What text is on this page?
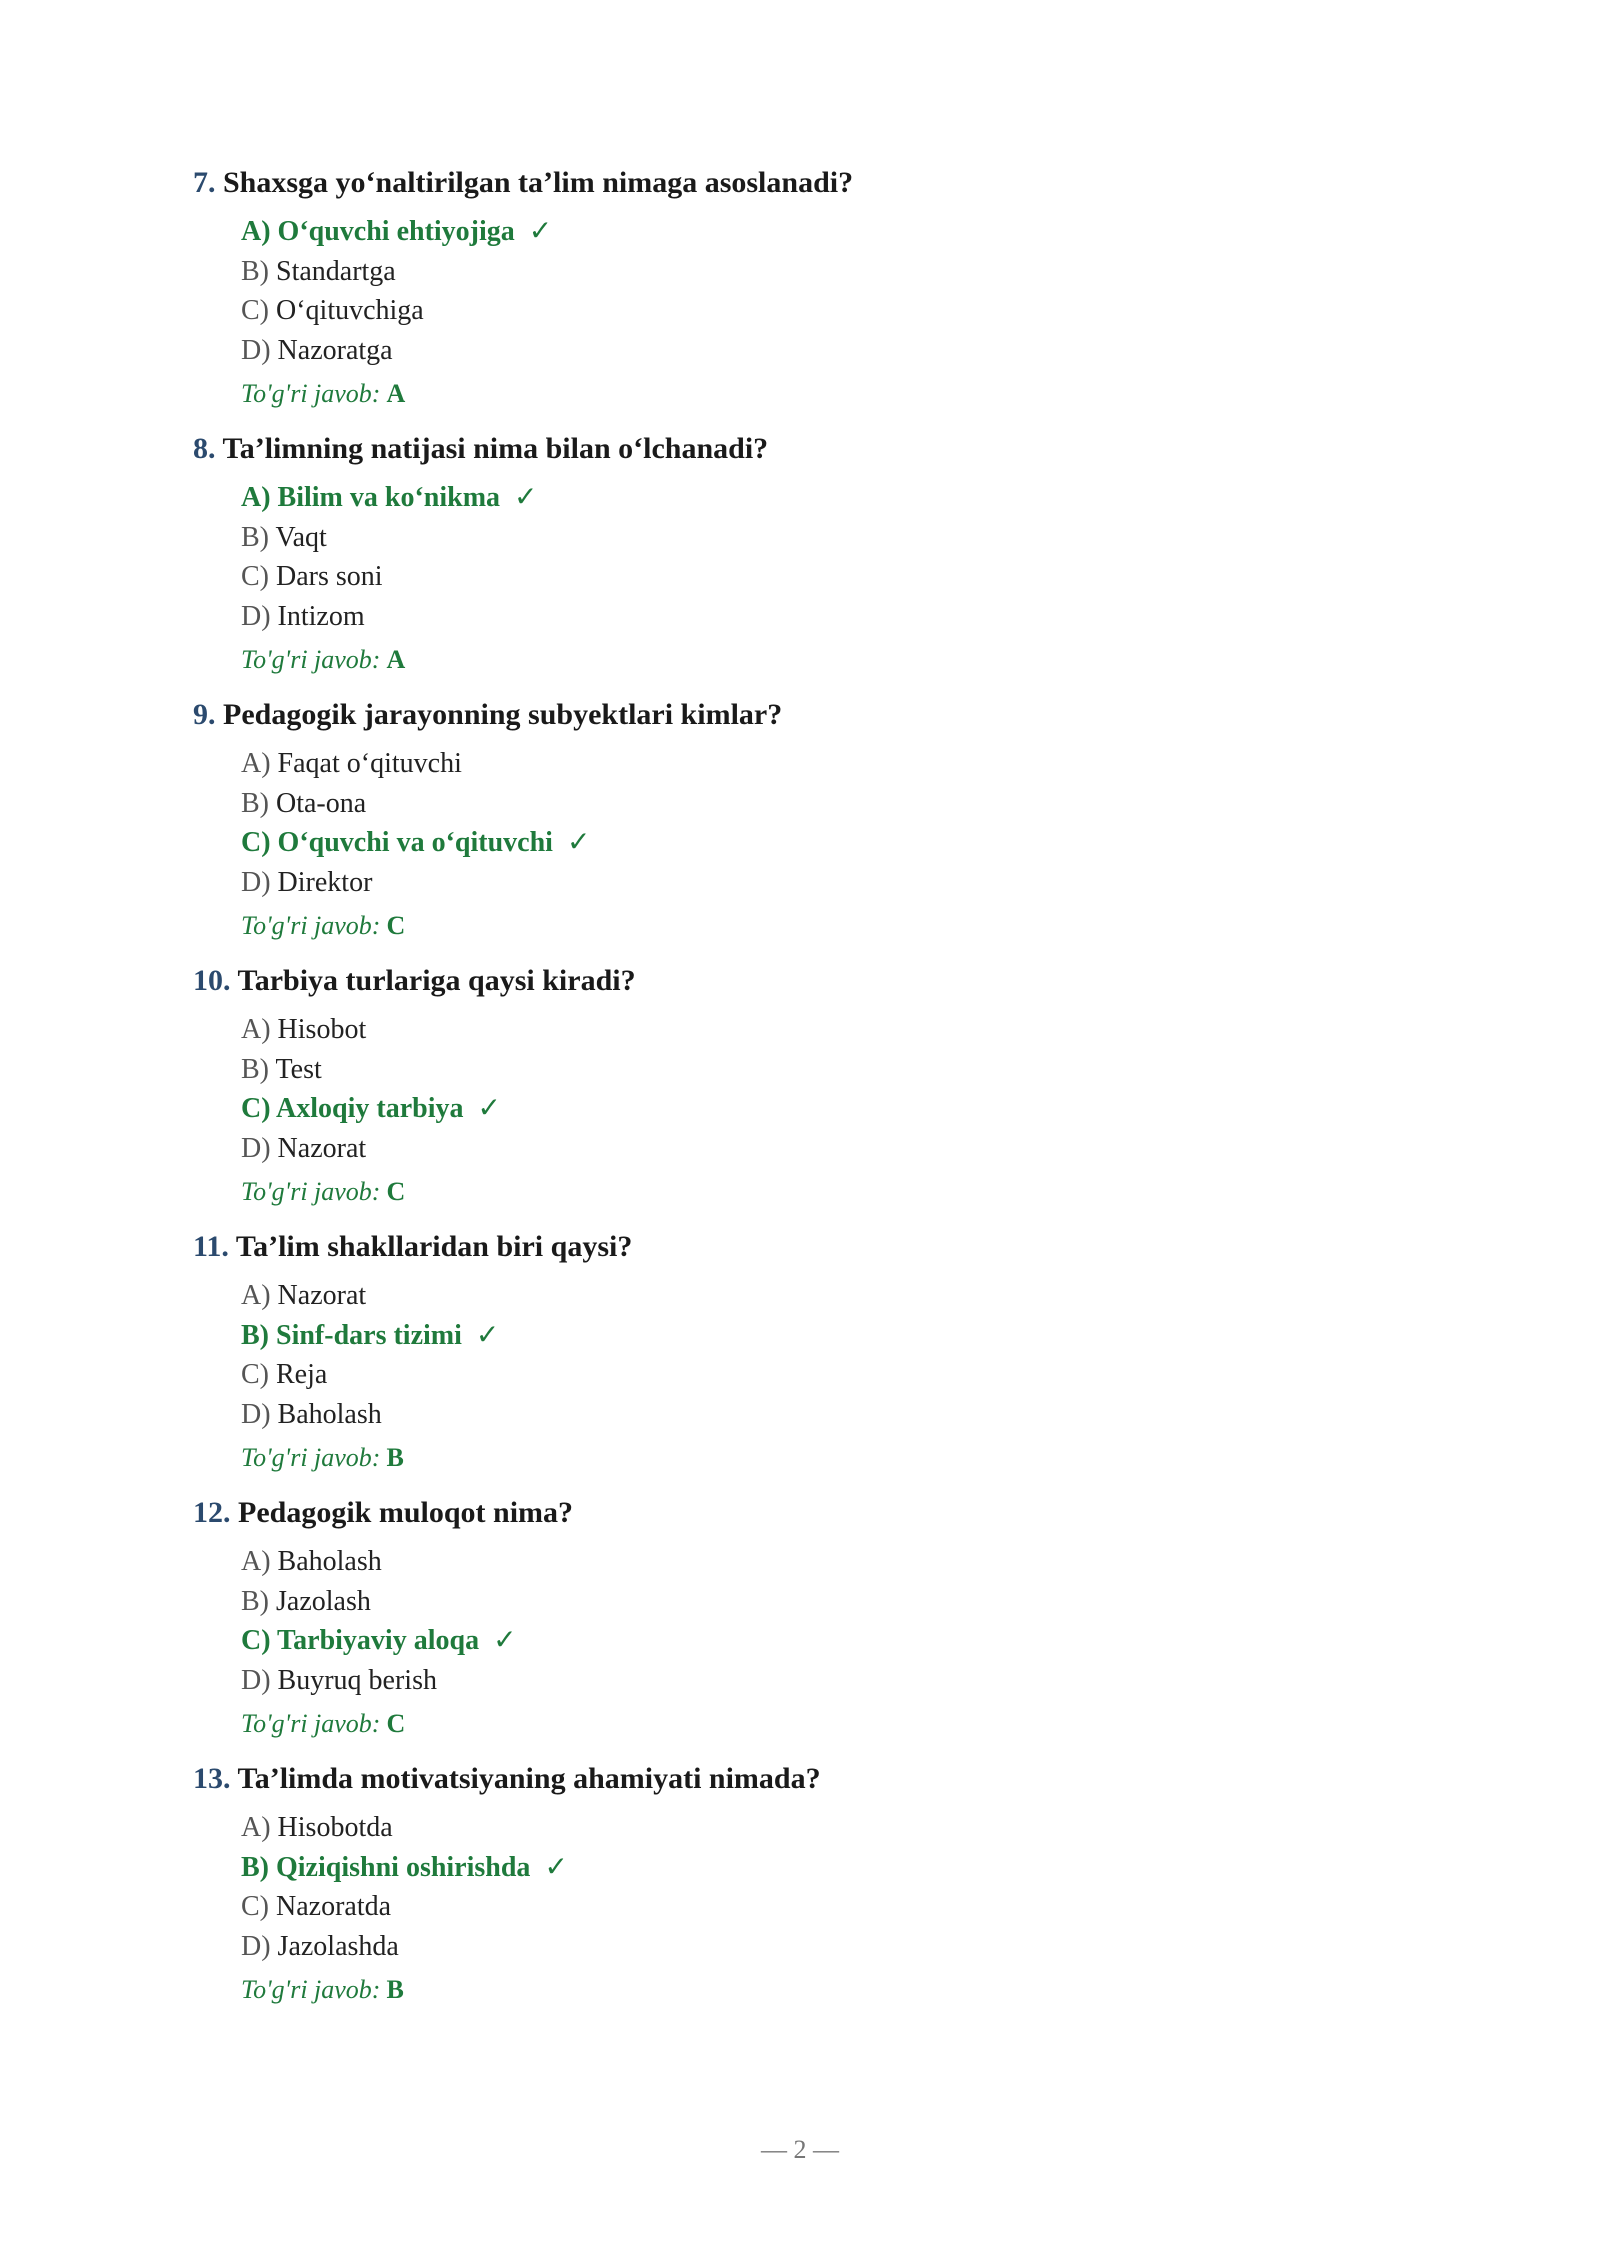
7. Shaxsga yo‘naltirilgan ta’lim nimaga asoslanadi?
A) O‘quvchi ehtiyojiga ✓
B) Standartga
C) O‘qituvchiga
D) Nazoratga
To'g'ri javob: A
8. Ta’limning natijasi nima bilan o‘lchanadi?
A) Bilim va ko‘nikma ✓
B) Vaqt
C) Dars soni
D) Intizom
To'g'ri javob: A
9. Pedagogik jarayonning subyektlari kimlar?
A) Faqat o‘qituvchi
B) Ota-ona
C) O‘quvchi va o‘qituvchi ✓
D) Direktor
To'g'ri javob: C
10. Tarbiya turlariga qaysi kiradi?
A) Hisobot
B) Test
C) Axloqiy tarbiya ✓
D) Nazorat
To'g'ri javob: C
11. Ta’lim shakllaridan biri qaysi?
A) Nazorat
B) Sinf-dars tizimi ✓
C) Reja
D) Baholash
To'g'ri javob: B
12. Pedagogik muloqot nima?
A) Baholash
B) Jazolash
C) Tarbiyaviy aloqa ✓
D) Buyruq berish
To'g'ri javob: C
13. Ta’limda motivatsiyaning ahamiyati nimada?
A) Hisobotda
B) Qiziqishni oshirishda ✓
C) Nazoratda
D) Jazolashda
To'g'ri javob: B
— 2 —
